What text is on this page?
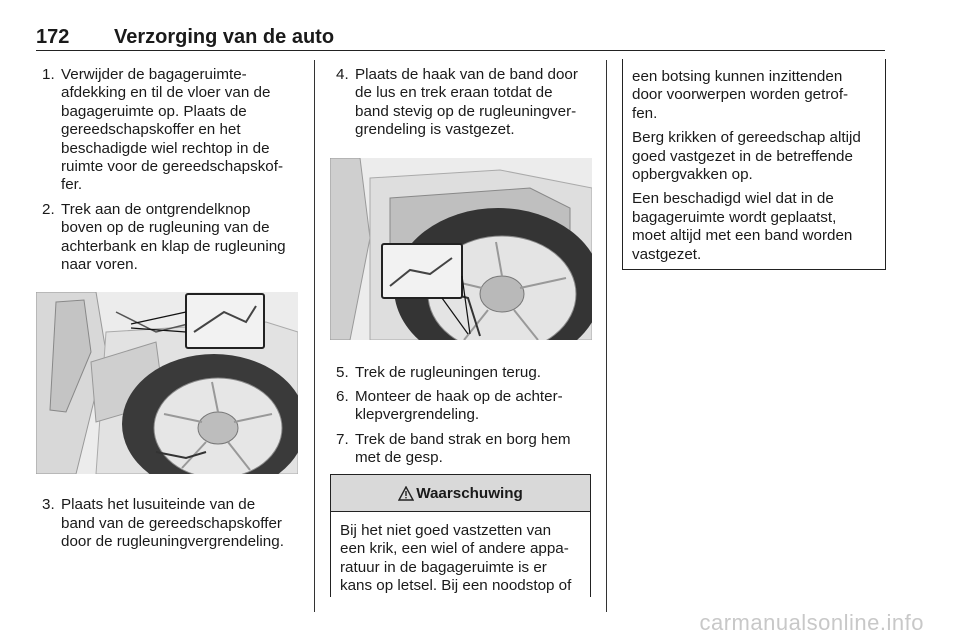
172 Verzorging van de auto
1. Verwijder de bagageruimte-
afdekking en til de vloer van de
bagageruimte op. Plaats de
gereedschapskoffer en het
beschadigde wiel rechtop in de
ruimte voor de gereedschapskof-
fer.
2. Trek aan de ontgrendelknop
boven op de rugleuning van de
achterbank en klap de rugleuning
naar voren.
3. Plaats het lusuiteinde van de
band van de gereedschapskoffer
door de rugleuningvergrendeling.
4. Plaats de haak van de band door
de lus en trek eraan totdat de
band stevig op de rugleuningver-
grendeling is vastgezet.
5. Trek de rugleuningen terug.
6. Monteer de haak op de achter-
klepvergrendeling.
7. Trek de band strak en borg hem
met de gesp.
Waarschuwing
Bij het niet goed vastzetten van
een krik, een wiel of andere appa-
ratuur in de bagageruimte is er
kans op letsel. Bij een noodstop of

een botsing kunnen inzittenden
door voorwerpen worden getrof-
fen.

Berg krikken of gereedschap altijd
goed vastgezet in de betreffende
opbergvakken op.

Een beschadigd wiel dat in de
bagageruimte wordt geplaatst,
moet altijd met een band worden
vastgezet.

carmanualsonline.info
